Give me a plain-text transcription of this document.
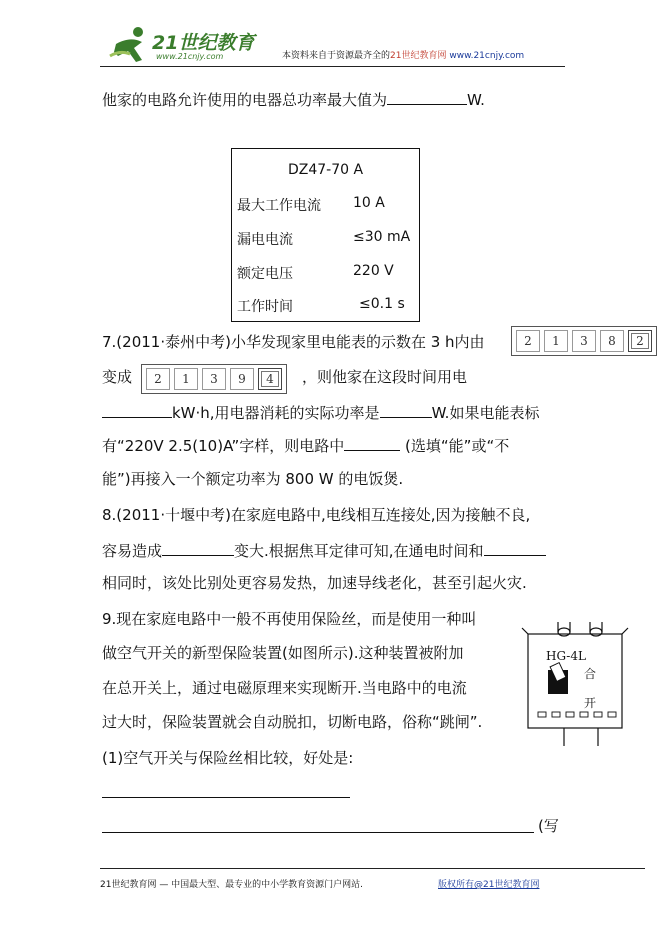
21世纪教育
www.21cnjy.com	本资料来自于资源最齐全的21世纪教育网 www.21cnjy.com
他家的电路允许使用的电器总功率最大值为	W.
DZ47-70 A
最大工作电流 10 A
漏电电流	≤30 mA
额定电压	220 V
工作时间	≤0.1 s
7.(2011·泰州中考)小华发现家里电能表的示数在 3 h内由	2	1	3	8	2
变成	2	1	3	9	4	，则他家在这段时间用电
kW·h,用电器消耗的实际功率是	W.如果电能表标
有“220V 2.5(10)A”字样，则电路中	(选填“能”或“不
能”)再接入一个额定功率为 800 W 的电饭煲.
8.(2011·十堰中考)在家庭电路中,电线相互连接处,因为接触不良,
容易造成	变大.根据焦耳定律可知,在通电时间和
相同时，该处比别处更容易发热，加速导线老化，甚至引起火灾.
9.现在家庭电路中一般不再使用保险丝，而是使用一种叫
做空气开关的新型保险装置(如图所示).这种装置被附加
在总开关上，通过电磁原理来实现断开.当电路中的电流
过大时，保险装置就会自动脱扣，切断电路，俗称“跳闸”.
(1)空气开关与保险丝相比较，好处是:
(写
HG-4L
合
开
21世纪教育网 — 中国最大型、最专业的中小学教育资源门户网站.	版权所有@21世纪教育网
